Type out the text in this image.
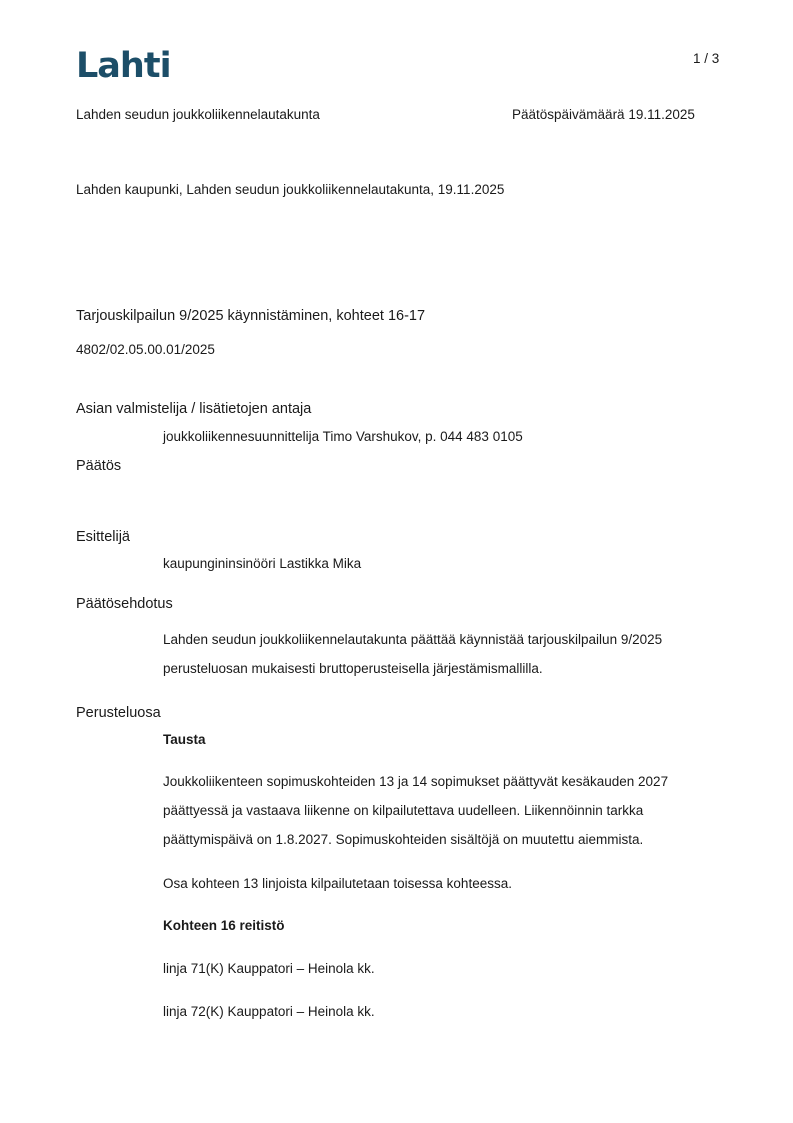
Lahti	1 / 3
Lahden seudun joukkoliikennelautakunta	Päätöspäivämäärä 19.11.2025
Lahden kaupunki, Lahden seudun joukkoliikennelautakunta, 19.11.2025
Tarjouskilpailun 9/2025 käynnistäminen, kohteet 16-17
4802/02.05.00.01/2025
Asian valmistelija / lisätietojen antaja
joukkoliikennesuunnittelija Timo Varshukov, p. 044 483 0105
Päätös
Esittelijä
kaupungininsinööri Lastikka Mika
Päätösehdotus
Lahden seudun joukkoliikennelautakunta päättää käynnistää tarjouskilpailun 9/2025
perusteluosan mukaisesti bruttoperusteisella järjestämismallilla.
Perusteluosa
Tausta
Joukkoliikenteen sopimuskohteiden 13 ja 14 sopimukset päättyvät kesäkauden 2027
päättyessä ja vastaava liikenne on kilpailutettava uudelleen. Liikennöinnin tarkka
päättymispäivä on 1.8.2027. Sopimuskohteiden sisältöjä on muutettu aiemmista.
Osa kohteen 13 linjoista kilpailutetaan toisessa kohteessa.
Kohteen 16 reitistö
linja 71(K) Kauppatori – Heinola kk.
linja 72(K) Kauppatori – Heinola kk.
